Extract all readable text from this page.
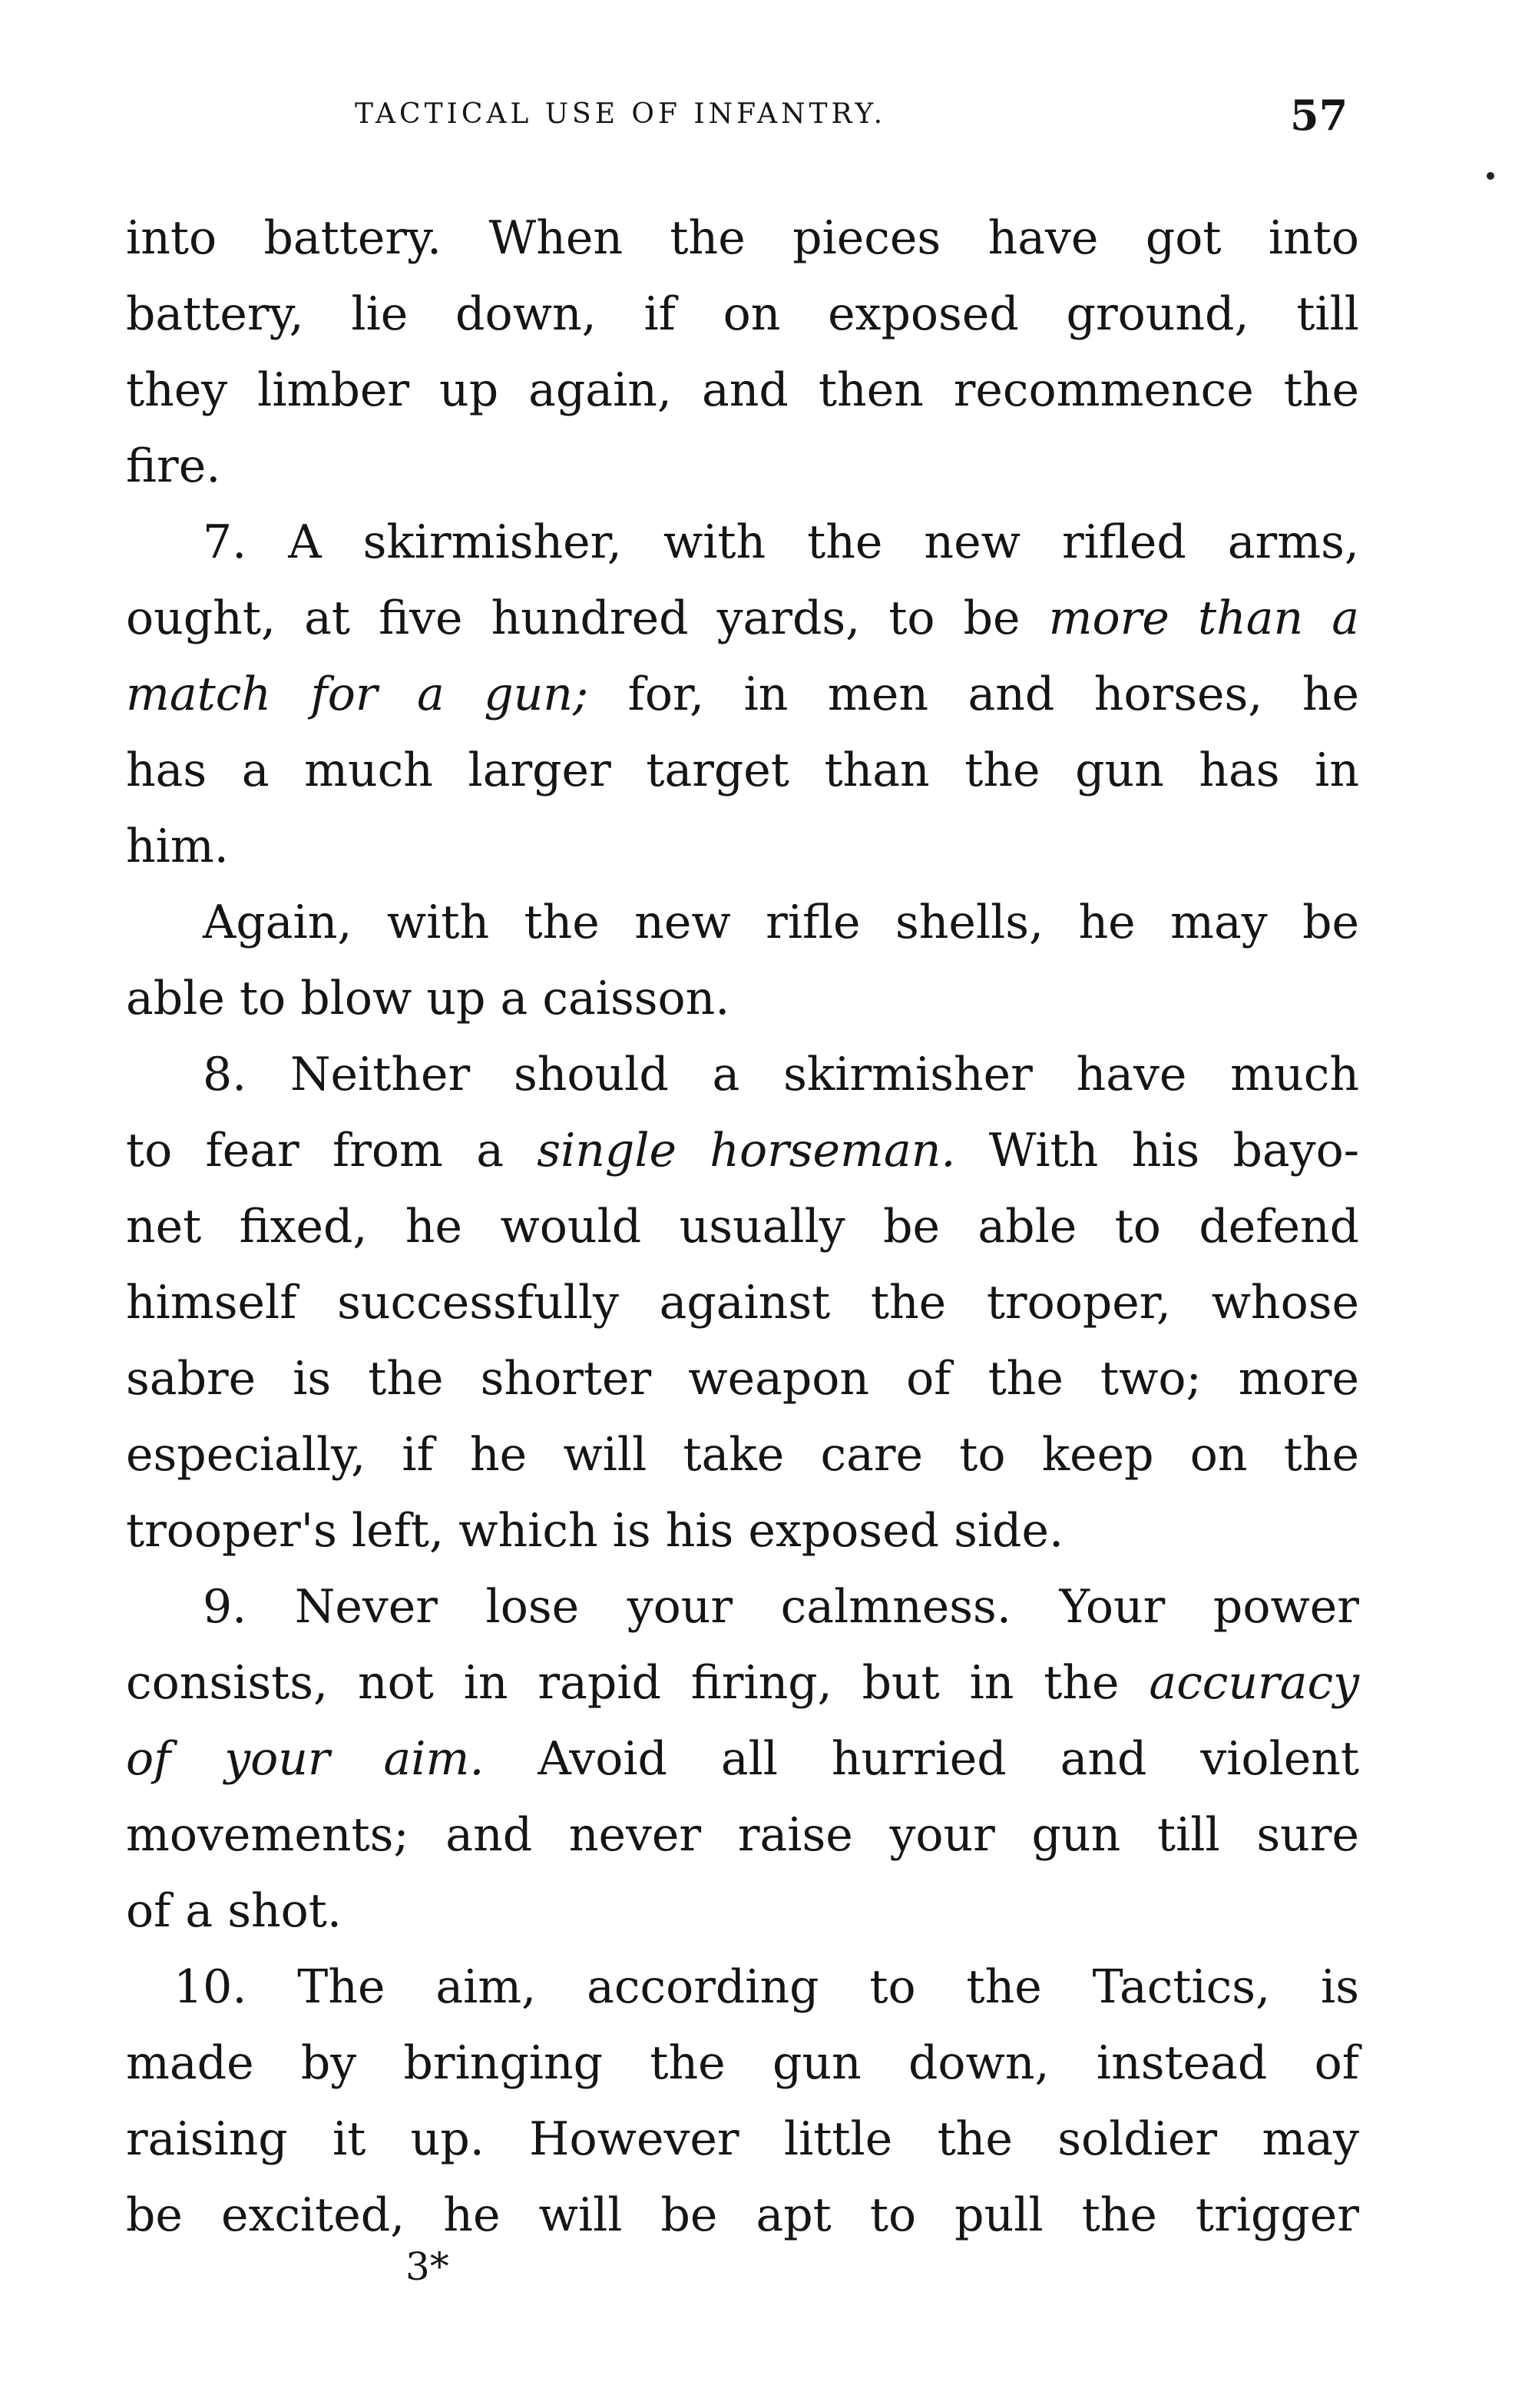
TACTICAL USE OF INFANTRY.	57
into battery. When the pieces have got into
battery, lie down, if on exposed ground, till
they limber up again, and then recommence the
fire.
7. A skirmisher, with the new rifled arms,
ought, at five hundred yards, to be more than a
match for a gun; for, in men and horses, he
has a much larger target than the gun has in
him.
Again, with the new rifle shells, he may be
able to blow up a caisson.
8. Neither should a skirmisher have much
to fear from a single horseman. With his bayo-
net fixed, he would usually be able to defend
himself successfully against the trooper, whose
sabre is the shorter weapon of the two; more
especially, if he will take care to keep on the
trooper's left, which is his exposed side.
9. Never lose your calmness. Your power
consists, not in rapid firing, but in the accuracy
of your aim. Avoid all hurried and violent
movements; and never raise your gun till sure
of a shot.
10. The aim, according to the Tactics, is
made by bringing the gun down, instead of
raising it up. However little the soldier may
be excited, he will be apt to pull the trigger
3*
